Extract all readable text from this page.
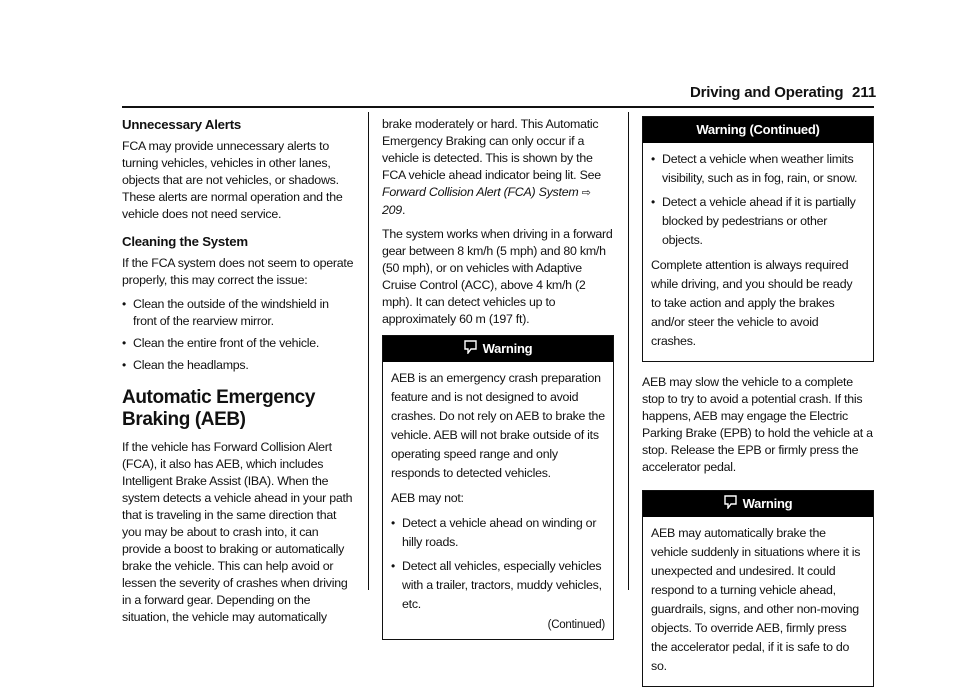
Driving and Operating 211
Unnecessary Alerts

FCA may provide unnecessary alerts to turning vehicles, vehicles in other lanes, objects that are not vehicles, or shadows. These alerts are normal operation and the vehicle does not need service.

Cleaning the System

If the FCA system does not seem to operate properly, this may correct the issue:

• Clean the outside of the windshield in front of the rearview mirror.
• Clean the entire front of the vehicle.
• Clean the headlamps.
Automatic Emergency
Braking (AEB)

If the vehicle has Forward Collision Alert (FCA), it also has AEB, which includes Intelligent Brake Assist (IBA). When the system detects a vehicle ahead in your path that is traveling in the same direction that you may be about to crash into, it can provide a boost to braking or automatically brake the vehicle. This can help avoid or lessen the severity of crashes when driving in a forward gear. Depending on the situation, the vehicle may automatically

brake moderately or hard. This Automatic Emergency Braking can only occur if a vehicle is detected. This is shown by the FCA vehicle ahead indicator being lit. See Forward Collision Alert (FCA) System ⇨ 209.

The system works when driving in a forward gear between 8 km/h (5 mph) and 80 km/h (50 mph), or on vehicles with Adaptive Cruise Control (ACC), above 4 km/h (2 mph). It can detect vehicles up to approximately 60 m (197 ft).

Warning

AEB is an emergency crash preparation feature and is not designed to avoid crashes. Do not rely on AEB to brake the vehicle. AEB will not brake outside of its operating speed range and only responds to detected vehicles.

AEB may not:

• Detect a vehicle ahead on winding or hilly roads.
• Detect all vehicles, especially vehicles with a trailer, tractors, muddy vehicles, etc.
(Continued)
Warning (Continued)
• Detect a vehicle when weather limits visibility, such as in fog, rain, or snow.
• Detect a vehicle ahead if it is partially blocked by pedestrians or other objects.

Complete attention is always required while driving, and you should be ready to take action and apply the brakes and/or steer the vehicle to avoid crashes.

AEB may slow the vehicle to a complete stop to try to avoid a potential crash. If this happens, AEB may engage the Electric Parking Brake (EPB) to hold the vehicle at a stop. Release the EPB or firmly press the accelerator pedal.

Warning

AEB may automatically brake the vehicle suddenly in situations where it is unexpected and undesired. It could respond to a turning vehicle ahead, guardrails, signs, and other non-moving objects. To override AEB, firmly press the accelerator pedal, if it is safe to do so.
